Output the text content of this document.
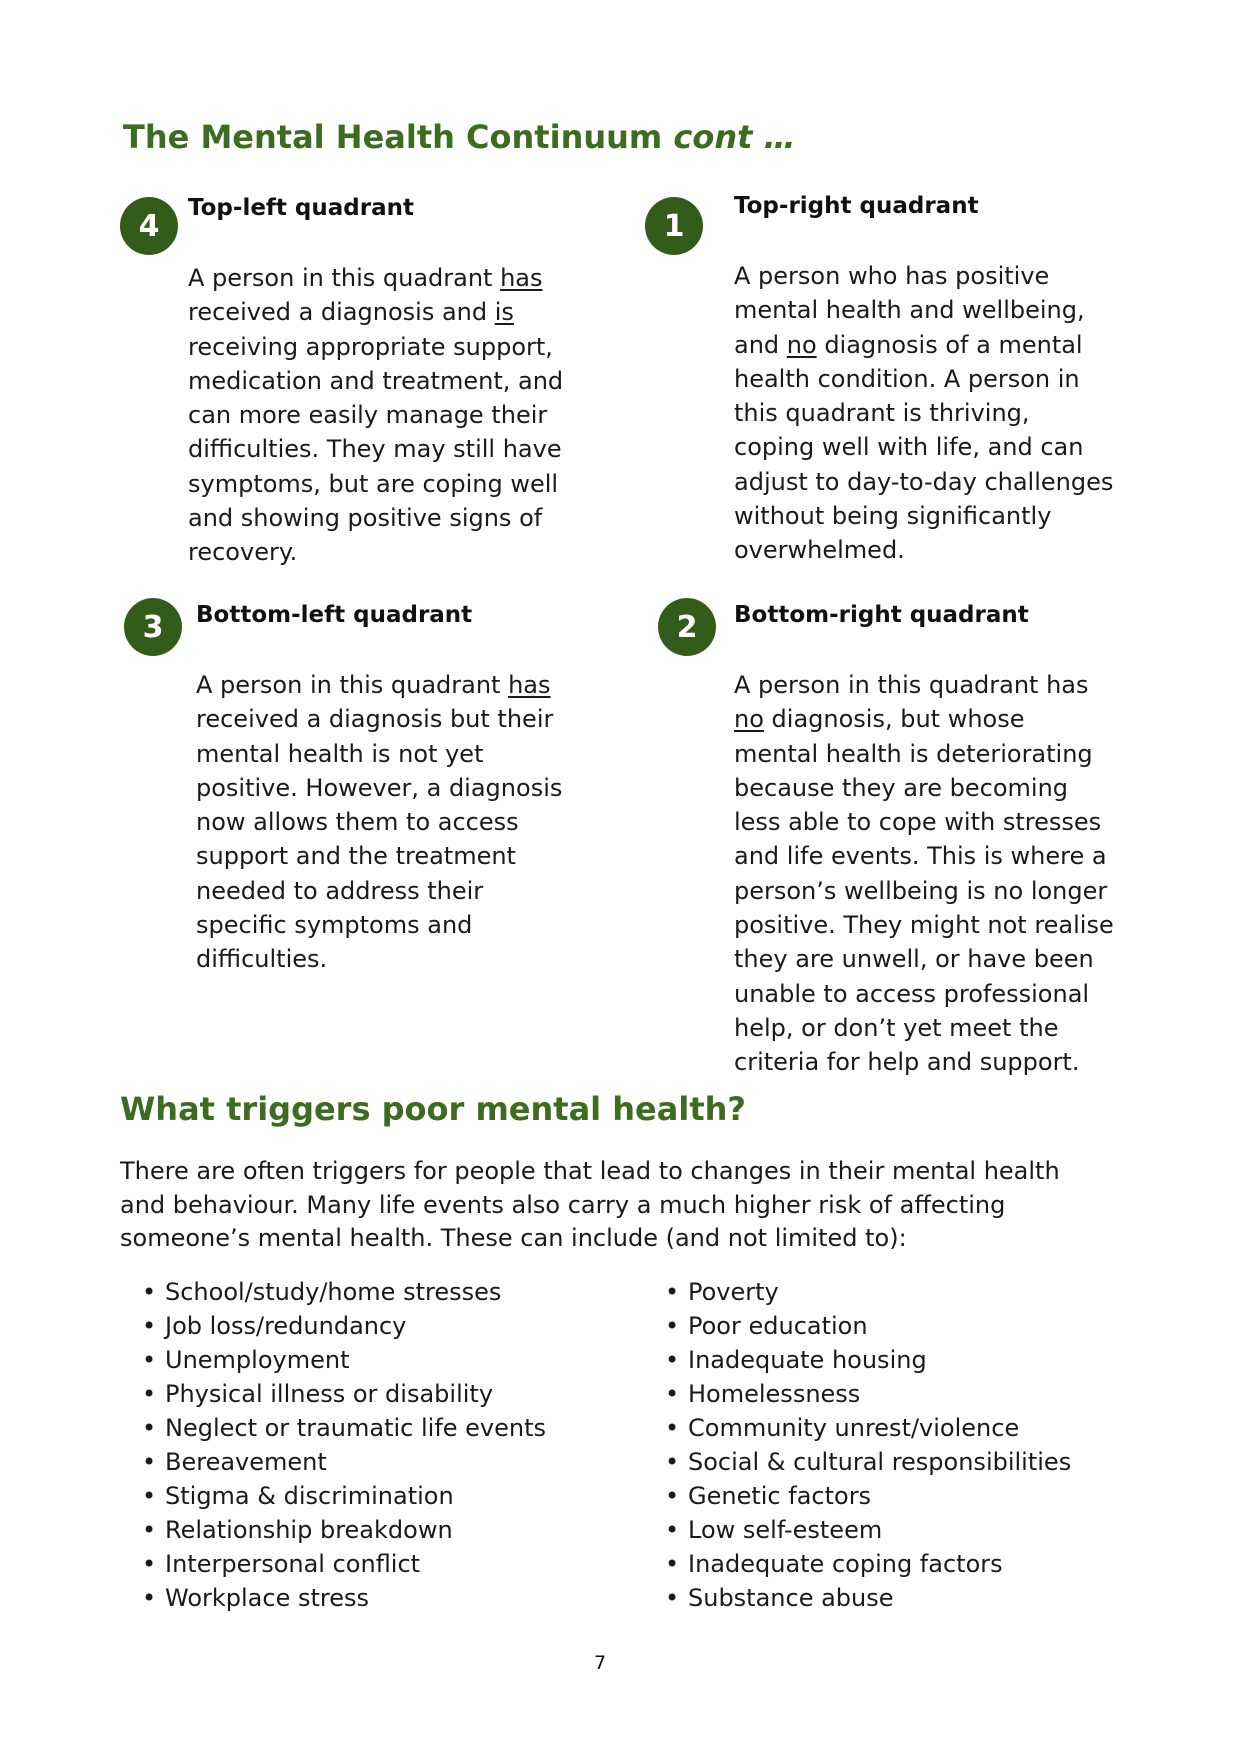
The Mental Health Continuum cont …
4
Top-left quadrant

A person in this quadrant has
received a diagnosis and is
receiving appropriate support,
medication and treatment, and
can more easily manage their
difficulties. They may still have
symptoms, but are coping well
and showing positive signs of
recovery.

1
Top-right quadrant

A person who has positive
mental health and wellbeing,
and no diagnosis of a mental
health condition. A person in
this quadrant is thriving,
coping well with life, and can
adjust to day-to-day challenges
without being significantly
overwhelmed.

3	Bottom-left quadrant

A person in this quadrant has
received a diagnosis but their
mental health is not yet
positive. However, a diagnosis
now allows them to access
support and the treatment
needed to address their
specific symptoms and
difficulties.

2	Bottom-right quadrant

A person in this quadrant has
no diagnosis, but whose
mental health is deteriorating
because they are becoming
less able to cope with stresses
and life events. This is where a
person’s wellbeing is no longer
positive. They might not realise
they are unwell, or have been
unable to access professional
help, or don’t yet meet the
criteria for help and support.

What triggers poor mental health?

There are often triggers for people that lead to changes in their mental health
and behaviour. Many life events also carry a much higher risk of affecting
someone’s mental health. These can include (and not limited to):

• School/study/home stresses
• Job loss/redundancy
• Unemployment
• Physical illness or disability
• Neglect or traumatic life events
• Bereavement
• Stigma & discrimination
• Relationship breakdown
• Interpersonal conflict
• Workplace stress
• Poverty
• Poor education
• Inadequate housing
• Homelessness
• Community unrest/violence
• Social & cultural responsibilities
• Genetic factors
• Low self-esteem
• Inadequate coping factors
• Substance abuse
7
